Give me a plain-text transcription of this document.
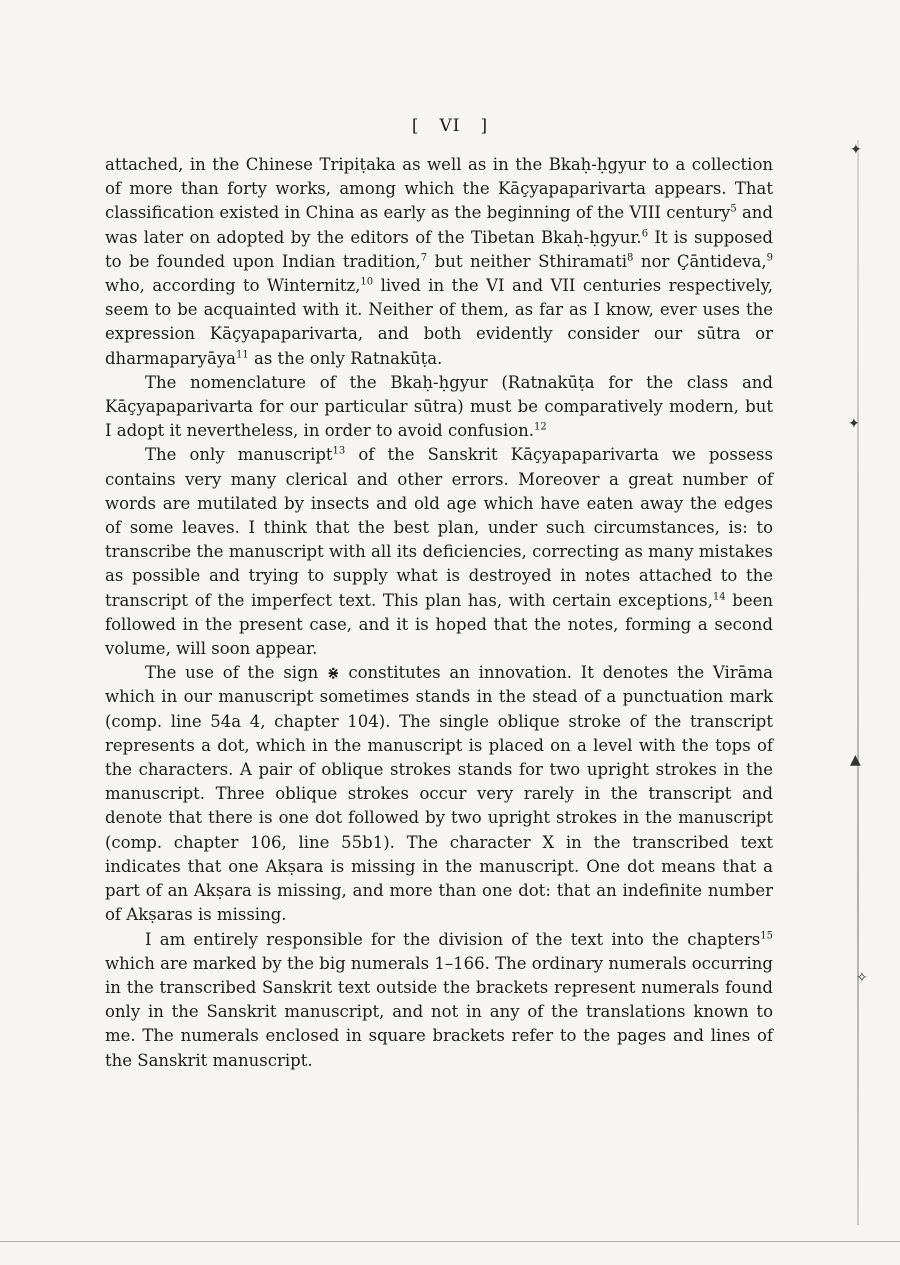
[ VI ]

attached, in the Chinese Tripiṭaka as well as in the Bkaḥ-ḥgyur to a collection of more than forty works, among which the Kāçyapaparivarta appears. That classification existed in China as early as the beginning of the VIII century$^5$ and was later on adopted by the editors of the Tibetan Bkaḥ-ḥgyur.$^6$ It is supposed to be founded upon Indian tradition,$^7$ but neither Sthiramati$^8$ nor Çāntideva,$^9$ who, according to Winternitz,$^{10}$ lived in the VI and VII centuries respectively, seem to be acquainted with it. Neither of them, as far as I know, ever uses the expression Kāçyapaparivarta, and both evidently consider our sūtra or dharmaparyāya$^{11}$ as the only Ratnakūṭa.

The nomenclature of the Bkaḥ-ḥgyur (Ratnakūṭa for the class and Kāçyapaparivarta for our particular sūtra) must be comparatively modern, but I adopt it nevertheless, in order to avoid confusion.$^{12}$

The only manuscript$^{13}$ of the Sanskrit Kāçyapaparivarta we possess contains very many clerical and other errors. Moreover a great number of words are mutilated by insects and old age which have eaten away the edges of some leaves. I think that the best plan, under such circumstances, is: to transcribe the manuscript with all its deficiencies, correcting as many mistakes as possible and trying to supply what is destroyed in notes attached to the transcript of the imperfect text. This plan has, with certain exceptions,$^{14}$ been followed in the present case, and it is hoped that the notes, forming a second volume, will soon appear.

The use of the sign ⋇ constitutes an innovation. It denotes the Virāma which in our manuscript sometimes stands in the stead of a punctuation mark (comp. line 54a 4, chapter 104). The single oblique stroke of the transcript represents a dot, which in the manuscript is placed on a level with the tops of the characters. A pair of oblique strokes stands for two upright strokes in the manuscript. Three oblique strokes occur very rarely in the transcript and denote that there is one dot followed by two upright strokes in the manuscript (comp. chapter 106, line 55b1). The character X in the transcribed text indicates that one Akṣara is missing in the manuscript. One dot means that a part of an Akṣara is missing, and more than one dot: that an indefinite number of Akṣaras is missing.

I am entirely responsible for the division of the text into the chapters$^{15}$ which are marked by the big numerals 1–166. The ordinary numerals occurring in the transcribed Sanskrit text outside the brackets represent numerals found only in the Sanskrit manuscript, and not in any of the translations known to me. The numerals enclosed in square brackets refer to the pages and lines of the Sanskrit manuscript.

✦
✦
▲
✧
